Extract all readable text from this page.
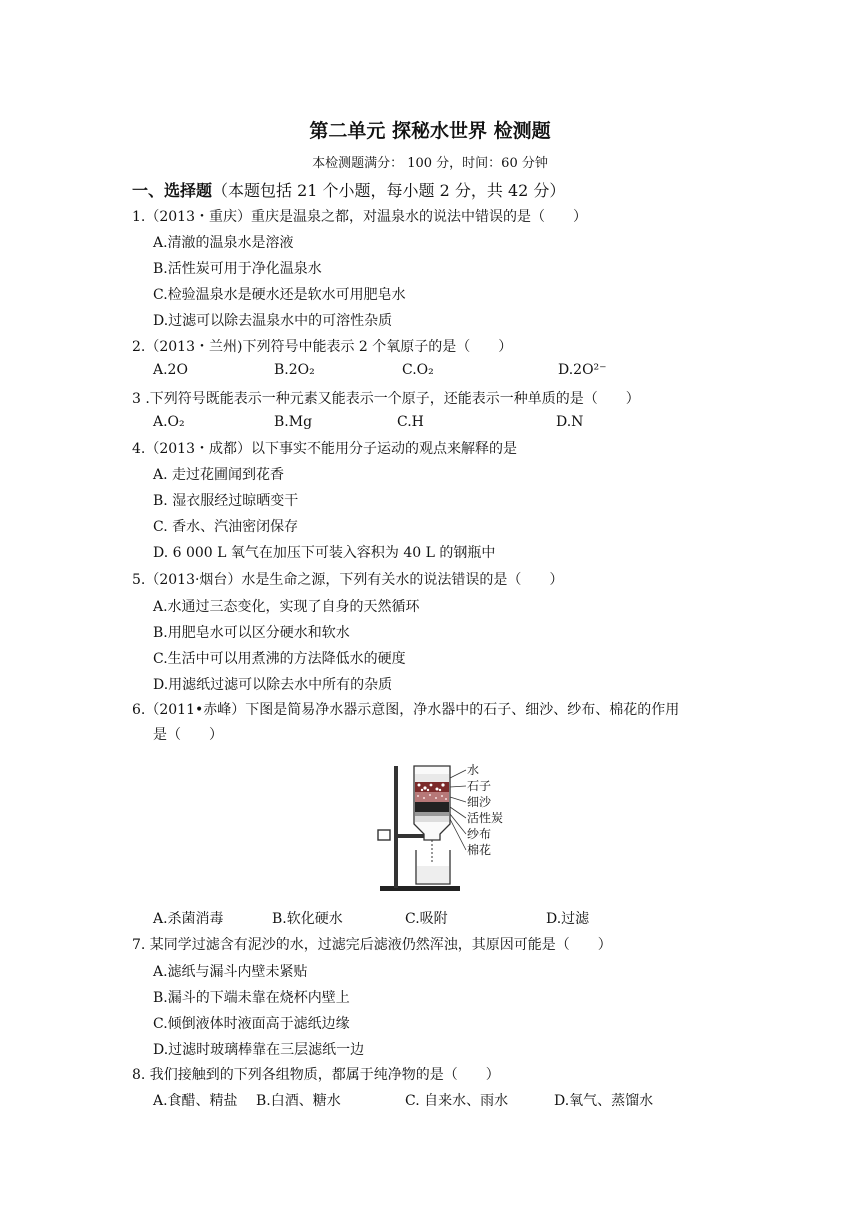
第二单元 探秘水世界 检测题
本检测题满分： 100 分，时间：60 分钟
一、选择题（本题包括 21 个小题，每小题 2 分，共 42 分）
1.（2013・重庆）重庆是温泉之都，对温泉水的说法中错误的是（　　）
A.清澈的温泉水是溶液
B.活性炭可用于净化温泉水
C.检验温泉水是硬水还是软水可用肥皂水
D.过滤可以除去温泉水中的可溶性杂质
2.（2013・兰州)下列符号中能表示 2 个氧原子的是（　　）
A.2O	B.2O₂	C.O₂	D.2O²⁻
3 .下列符号既能表示一种元素又能表示一个原子，还能表示一种单质的是（　　）
A.O₂	B.Mg	C.H	D.N
4.（2013・成都）以下事实不能用分子运动的观点来解释的是
A. 走过花圃闻到花香
B. 湿衣服经过晾晒变干
C. 香水、汽油密闭保存
D. 6 000 L 氧气在加压下可装入容积为 40 L 的钢瓶中
5.（2013·烟台）水是生命之源，下列有关水的说法错误的是（　　）
A.水通过三态变化，实现了自身的天然循环
B.用肥皂水可以区分硬水和软水
C.生活中可以用煮沸的方法降低水的硬度
D.用滤纸过滤可以除去水中所有的杂质
6.（2011•赤峰）下图是简易净水器示意图，净水器中的石子、细沙、纱布、棉花的作用
是（　　）
水
石子
细沙
活性炭
纱布
棉花
A.杀菌消毒	B.软化硬水	C.吸附	D.过滤
7. 某同学过滤含有泥沙的水，过滤完后滤液仍然浑浊，其原因可能是（　　）
A.滤纸与漏斗内壁未紧贴
B.漏斗的下端未靠在烧杯内壁上
C.倾倒液体时液面高于滤纸边缘
D.过滤时玻璃棒靠在三层滤纸一边
8. 我们接触到的下列各组物质，都属于纯净物的是（　　）
A.食醋、精盐 B.白酒、糖水	C. 自来水、雨水	D.氧气、蒸馏水
